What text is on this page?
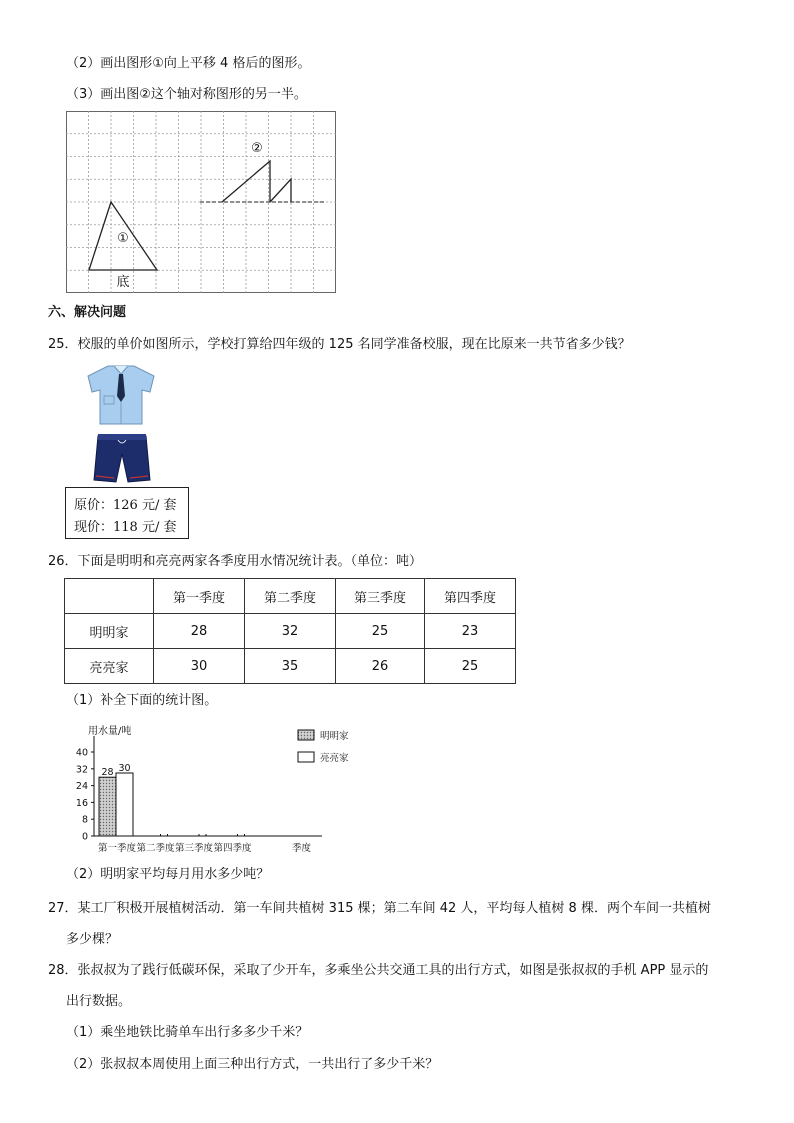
（2）画出图形①向上平移 4 格后的图形。
（3）画出图②这个轴对称图形的另一半。
②
①
底
六、解决问题
25．校服的单价如图所示，学校打算给四年级的 125 名同学准备校服，现在比原来一共节省多少钱？
原价：126 元/ 套
现价：118 元/ 套
26．下面是明明和亮亮两家各季度用水情况统计表。（单位：吨）
	第一季度	第二季度	第三季度	第四季度
明明家	28	32	25	23
亮亮家	30	35	26	25
（1）补全下面的统计图。
用水量/吨
季度
0
8
16
24
32
40
第一季度 第二季度 第三季度 第四季度
28 30
明明家
亮亮家
（2）明明家平均每月用水多少吨？
27．某工厂积极开展植树活动．第一车间共植树 315 棵；第二车间 42 人，平均每人植树 8 棵．两个车间一共植树
多少棵？
28．张叔叔为了践行低碳环保，采取了少开车，多乘坐公共交通工具的出行方式，如图是张叔叔的手机 APP 显示的
出行数据。
（1）乘坐地铁比骑单车出行多多少千米？
（2）张叔叔本周使用上面三种出行方式，一共出行了多少千米？
